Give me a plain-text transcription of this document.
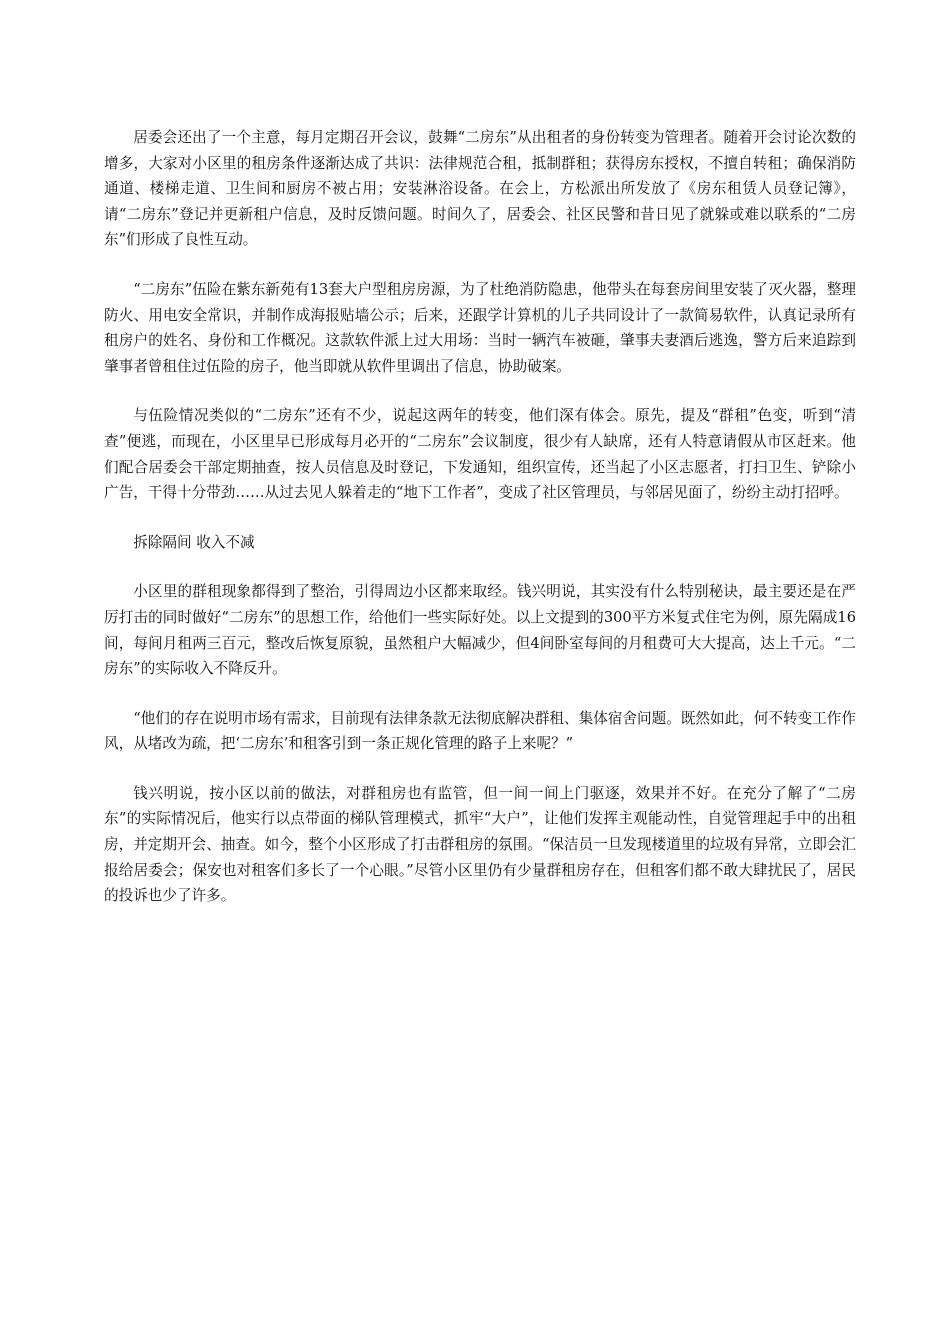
居委会还出了一个主意，每月定期召开会议，鼓舞“二房东”从出租者的身份转变为管理者。随着开会讨论次数的增多，大家对小区里的租房条件逐渐达成了共识：法律规范合租，抵制群租；获得房东授权，不擅自转租；确保消防通道、楼梯走道、卫生间和厨房不被占用；安装淋浴设备。在会上，方松派出所发放了《房东租赁人员登记簿》，请“二房东”登记并更新租户信息，及时反馈问题。时间久了，居委会、社区民警和昔日见了就躲或难以联系的“二房东”们形成了良性互动。

“二房东”伍险在紫东新苑有13套大户型租房房源，为了杜绝消防隐患，他带头在每套房间里安装了灭火器，整理防火、用电安全常识，并制作成海报贴墙公示；后来，还跟学计算机的儿子共同设计了一款简易软件，认真记录所有租房户的姓名、身份和工作概况。这款软件派上过大用场：当时一辆汽车被砸，肇事夫妻酒后逃逸，警方后来追踪到肇事者曾租住过伍险的房子，他当即就从软件里调出了信息，协助破案。

与伍险情况类似的“二房东”还有不少，说起这两年的转变，他们深有体会。原先，提及“群租”色变，听到“清查”便逃，而现在，小区里早已形成每月必开的“二房东”会议制度，很少有人缺席，还有人特意请假从市区赶来。他们配合居委会干部定期抽查，按人员信息及时登记，下发通知，组织宣传，还当起了小区志愿者，打扫卫生、铲除小广告，干得十分带劲……从过去见人躲着走的“地下工作者”，变成了社区管理员，与邻居见面了，纷纷主动打招呼。

拆除隔间 收入不减

小区里的群租现象都得到了整治，引得周边小区都来取经。钱兴明说，其实没有什么特别秘诀，最主要还是在严厉打击的同时做好“二房东”的思想工作，给他们一些实际好处。以上文提到的300平方米复式住宅为例，原先隔成16间，每间月租两三百元，整改后恢复原貌，虽然租户大幅减少，但4间卧室每间的月租费可大大提高，达上千元。“二房东”的实际收入不降反升。

“他们的存在说明市场有需求，目前现有法律条款无法彻底解决群租、集体宿舍问题。既然如此，何不转变工作作风，从堵改为疏，把‘二房东’和租客引到一条正规化管理的路子上来呢？”

钱兴明说，按小区以前的做法，对群租房也有监管，但一间一间上门驱逐，效果并不好。在充分了解了“二房东”的实际情况后，他实行以点带面的梯队管理模式，抓牢“大户”，让他们发挥主观能动性，自觉管理起手中的出租房，并定期开会、抽查。如今，整个小区形成了打击群租房的氛围。“保洁员一旦发现楼道里的垃圾有异常，立即会汇报给居委会；保安也对租客们多长了一个心眼。”尽管小区里仍有少量群租房存在，但租客们都不敢大肆扰民了，居民的投诉也少了许多。
